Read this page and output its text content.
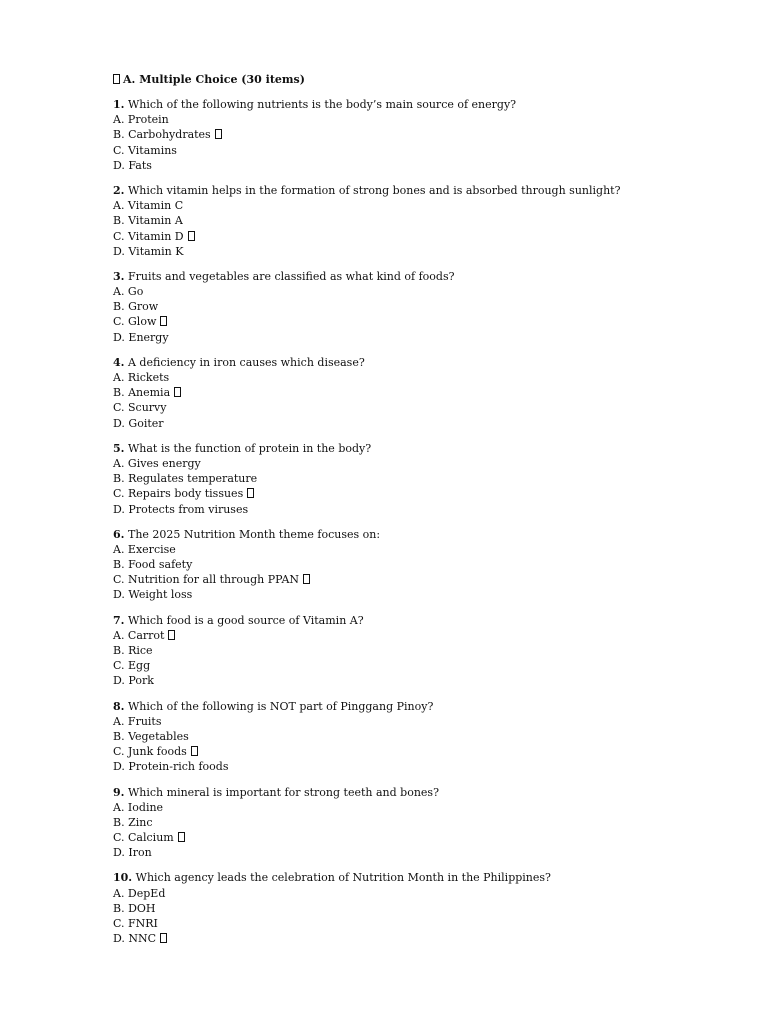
A. Multiple Choice (30 items)
1. Which of the following nutrients is the body’s main source of energy?
A. Protein
B. Carbohydrates
C. Vitamins
D. Fats
2. Which vitamin helps in the formation of strong bones and is absorbed through sunlight?
A. Vitamin C
B. Vitamin A
C. Vitamin D
D. Vitamin K
3. Fruits and vegetables are classified as what kind of foods?
A. Go
B. Grow
C. Glow
D. Energy
4. A deficiency in iron causes which disease?
A. Rickets
B. Anemia
C. Scurvy
D. Goiter
5. What is the function of protein in the body?
A. Gives energy
B. Regulates temperature
C. Repairs body tissues
D. Protects from viruses
6. The 2025 Nutrition Month theme focuses on:
A. Exercise
B. Food safety
C. Nutrition for all through PPAN
D. Weight loss
7. Which food is a good source of Vitamin A?
A. Carrot
B. Rice
C. Egg
D. Pork
8. Which of the following is NOT part of Pinggang Pinoy?
A. Fruits
B. Vegetables
C. Junk foods
D. Protein-rich foods
9. Which mineral is important for strong teeth and bones?
A. Iodine
B. Zinc
C. Calcium
D. Iron
10. Which agency leads the celebration of Nutrition Month in the Philippines?
A. DepEd
B. DOH
C. FNRI
D. NNC
